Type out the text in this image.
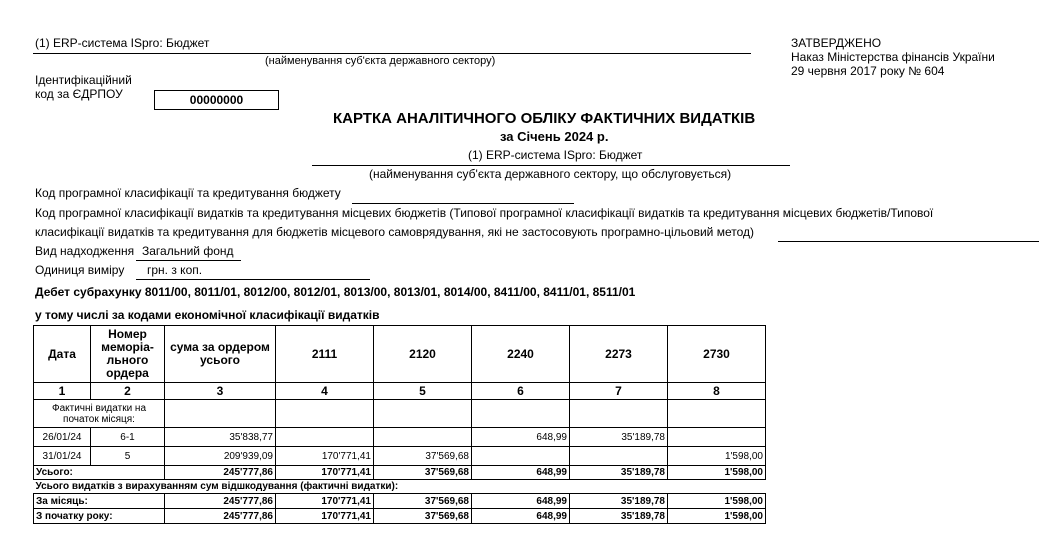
(1) ERP-система ISpro: Бюджет
(найменування суб'єкта державного сектору)
ЗАТВЕРДЖЕНО
Наказ Міністерства фінансів України
29 червня 2017 року № 604
Ідентифікаційний
код за ЄДРПОУ	00000000
КАРТКА АНАЛІТИЧНОГО ОБЛІКУ ФАКТИЧНИХ ВИДАТКІВ
за Січень 2024 р.
(1) ERP-система ISpro: Бюджет
(найменування суб'єкта державного сектору, що обслуговується)
Код програмної класифікації та кредитування бюджету
Код програмної класифікації видатків та кредитування місцевих бюджетів (Типової програмної класифікації видатків та кредитування місцевих бюджетів/Типової
класифікації видатків та кредитування для бюджетів місцевого самоврядування, які не застосовують програмно-цільовий метод)
Вид надходження Загальний фонд
Одиниця виміру грн. з коп.
Дебет субрахунку 8011/00, 8011/01, 8012/00, 8012/01, 8013/00, 8013/01, 8014/00, 8411/00, 8411/01, 8511/01
у тому числі за кодами економічної класифікації видатків
Дата	Номер меморіа-льного ордера	сума за ордером усього	2111	2120	2240	2273	2730
1	2	3	4	5	6	7	8
Фактичні видатки на початок місяця:							
26/01/24	6-1	35'838,77			648,99	35'189,78	
31/01/24	5	209'939,09	170'771,41	37'569,68			1'598,00
Усього:		245'777,86	170'771,41	37'569,68	648,99	35'189,78	1'598,00
Усього видатків з вирахуванням сум відшкодування (фактичні видатки):							
За місяць:		245'777,86	170'771,41	37'569,68	648,99	35'189,78	1'598,00
З початку року:		245'777,86	170'771,41	37'569,68	648,99	35'189,78	1'598,00
